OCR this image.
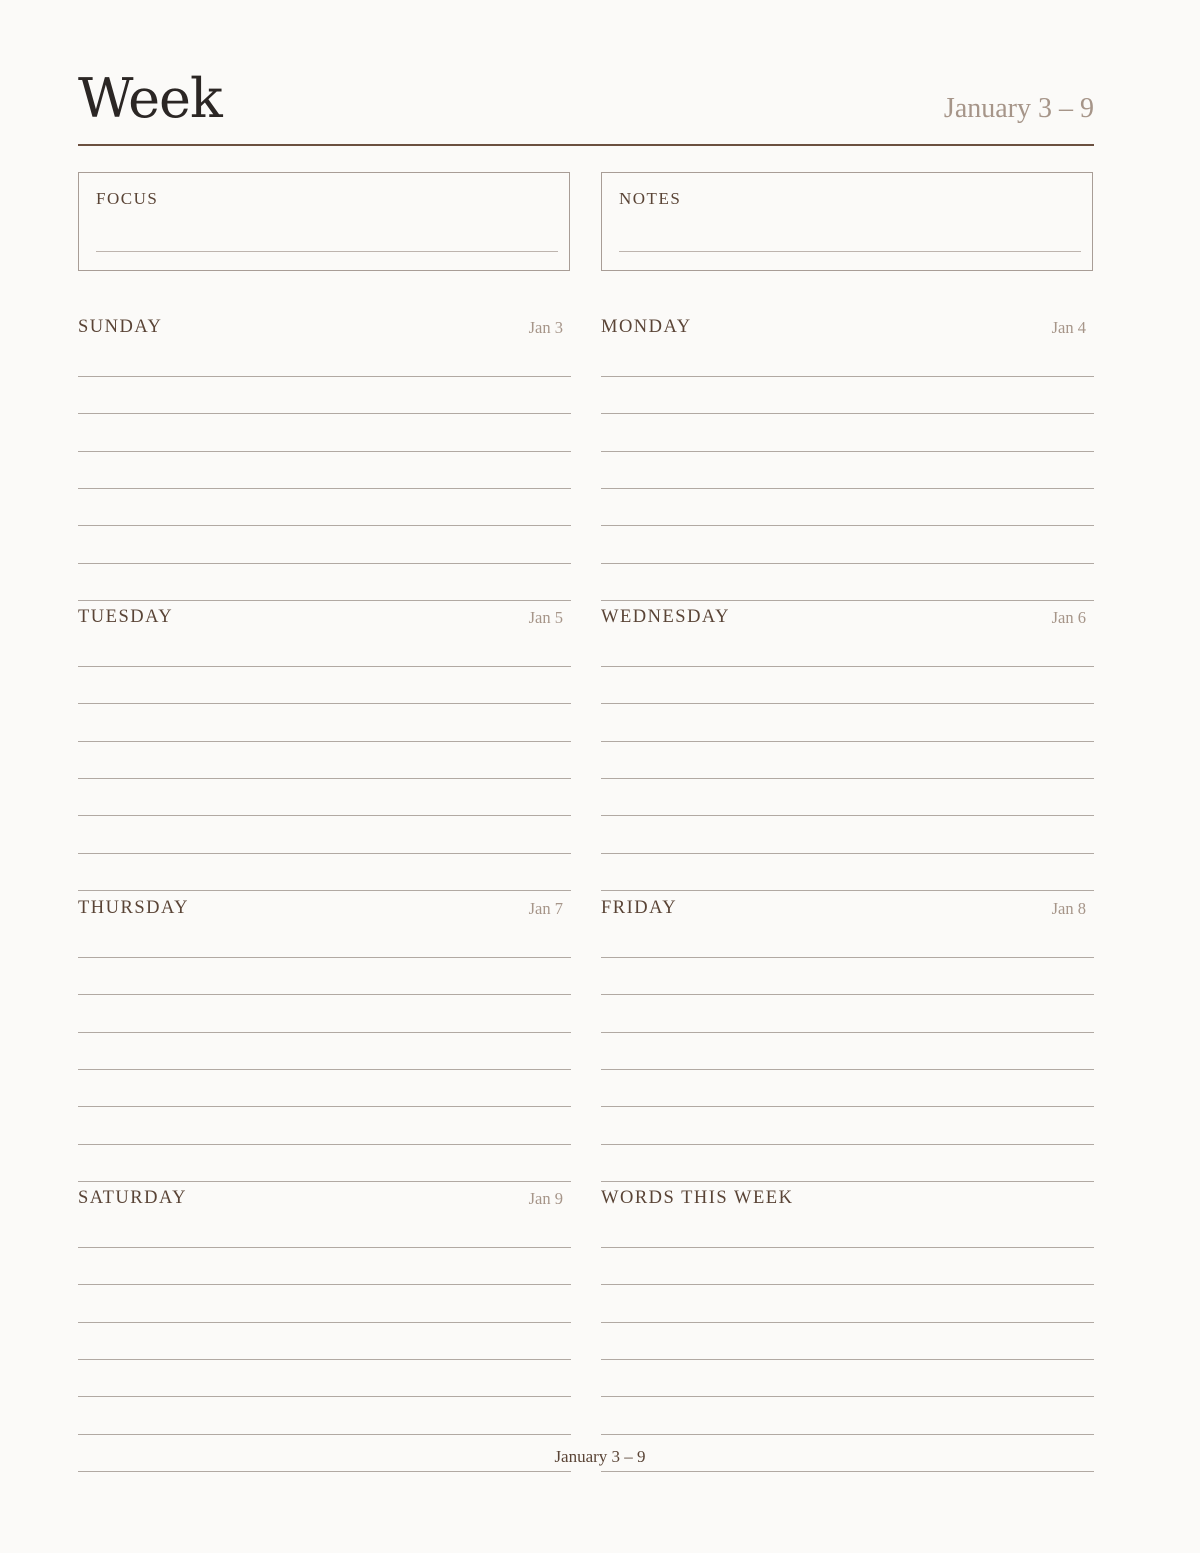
Week	January 3 – 9
FOCUS	NOTES
SUNDAY	Jan 3 MONDAY	Jan 4
TUESDAY	Jan 5 WEDNESDAY	Jan 6
THURSDAY	Jan 7 FRIDAY	Jan 8
SATURDAY	Jan 9 WORDS THIS WEEK
January 3 – 9
